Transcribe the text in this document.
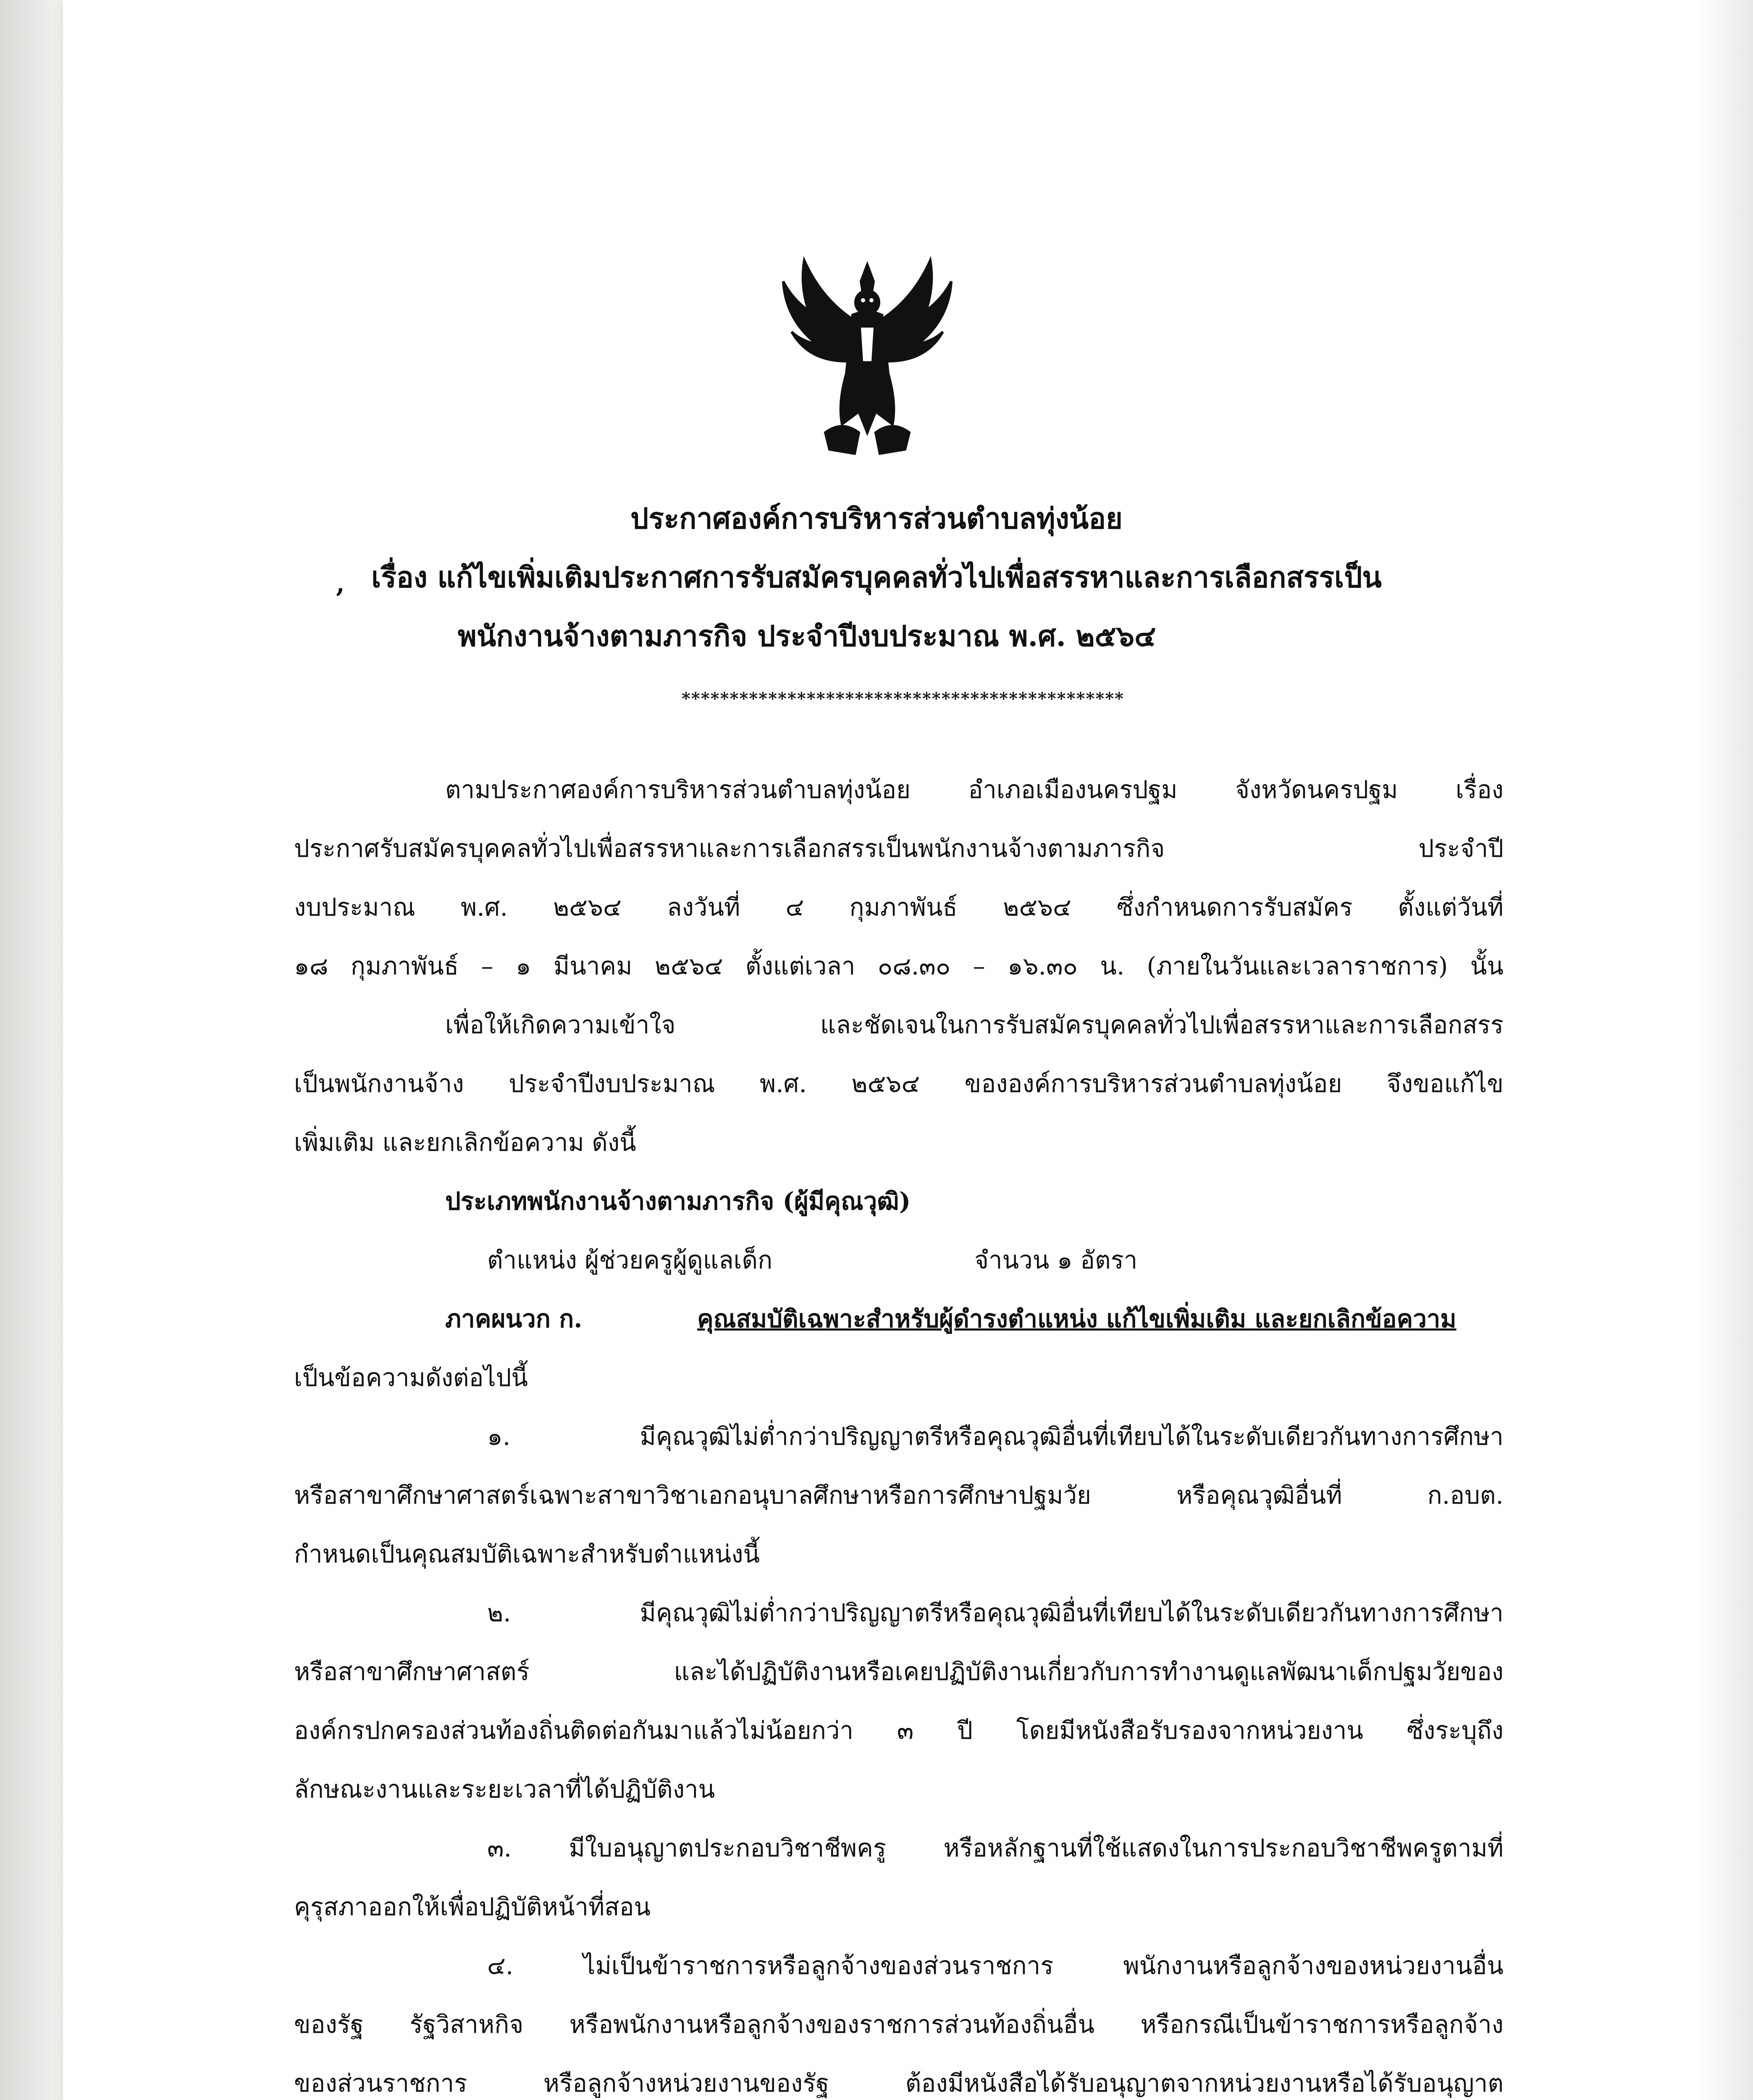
ประกาศองค์การบริหารส่วนตำบลทุ่งน้อย
เรื่อง แก้ไขเพิ่มเติมประกาศการรับสมัครบุคคลทั่วไปเพื่อสรรหาและการเลือกสรรเป็น
พนักงานจ้างตามภารกิจ ประจำปีงบประมาณ พ.ศ. ๒๕๖๔
**********************************************
,
ตามประกาศองค์การบริหารส่วนตำบลทุ่งน้อย อำเภอเมืองนครปฐม จังหวัดนครปฐม เรื่อง
ประกาศรับสมัครบุคคลทั่วไปเพื่อสรรหาและการเลือกสรรเป็นพนักงานจ้างตามภารกิจ ประจำปี
งบประมาณ พ.ศ. ๒๕๖๔ ลงวันที่ ๔ กุมภาพันธ์ ๒๕๖๔ ซึ่งกำหนดการรับสมัคร ตั้งแต่วันที่
๑๘ กุมภาพันธ์ – ๑ มีนาคม ๒๕๖๔ ตั้งแต่เวลา ๐๘.๓๐ – ๑๖.๓๐ น. (ภายในวันและเวลาราชการ) นั้น
เพื่อให้เกิดความเข้าใจ และชัดเจนในการรับสมัครบุคคลทั่วไปเพื่อสรรหาและการเลือกสรร
เป็นพนักงานจ้าง ประจำปีงบประมาณ พ.ศ. ๒๕๖๔ ขององค์การบริหารส่วนตำบลทุ่งน้อย จึงขอแก้ไข
เพิ่มเติม และยกเลิกข้อความ ดังนี้
ประเภทพนักงานจ้างตามภารกิจ (ผู้มีคุณวุฒิ)
ตำแหน่ง ผู้ช่วยครูผู้ดูแลเด็ก	จำนวน ๑ อัตรา
ภาคผนวก ก.	คุณสมบัติเฉพาะสำหรับผู้ดำรงตำแหน่ง แก้ไขเพิ่มเติม และยกเลิกข้อความ
เป็นข้อความดังต่อไปนี้
๑. มีคุณวุฒิไม่ต่ำกว่าปริญญาตรีหรือคุณวุฒิอื่นที่เทียบได้ในระดับเดียวกันทางการศึกษา
หรือสาขาศึกษาศาสตร์เฉพาะสาขาวิชาเอกอนุบาลศึกษาหรือการศึกษาปฐมวัย หรือคุณวุฒิอื่นที่ ก.อบต.
กำหนดเป็นคุณสมบัติเฉพาะสำหรับตำแหน่งนี้
๒. มีคุณวุฒิไม่ต่ำกว่าปริญญาตรีหรือคุณวุฒิอื่นที่เทียบได้ในระดับเดียวกันทางการศึกษา
หรือสาขาศึกษาศาสตร์ และได้ปฏิบัติงานหรือเคยปฏิบัติงานเกี่ยวกับการทำงานดูแลพัฒนาเด็กปฐมวัยของ
องค์กรปกครองส่วนท้องถิ่นติดต่อกันมาแล้วไม่น้อยกว่า ๓ ปี โดยมีหนังสือรับรองจากหน่วยงาน ซึ่งระบุถึง
ลักษณะงานและระยะเวลาที่ได้ปฏิบัติงาน
๓. มีใบอนุญาตประกอบวิชาชีพครู หรือหลักฐานที่ใช้แสดงในการประกอบวิชาชีพครูตามที่
คุรุสภาออกให้เพื่อปฏิบัติหน้าที่สอน
๔. ไม่เป็นข้าราชการหรือลูกจ้างของส่วนราชการ พนักงานหรือลูกจ้างของหน่วยงานอื่น
ของรัฐ รัฐวิสาหกิจ หรือพนักงานหรือลูกจ้างของราชการส่วนท้องถิ่นอื่น หรือกรณีเป็นข้าราชการหรือลูกจ้าง
ของส่วนราชการ หรือลูกจ้างหน่วยงานของรัฐ ต้องมีหนังสือได้รับอนุญาตจากหน่วยงานหรือได้รับอนุญาต
